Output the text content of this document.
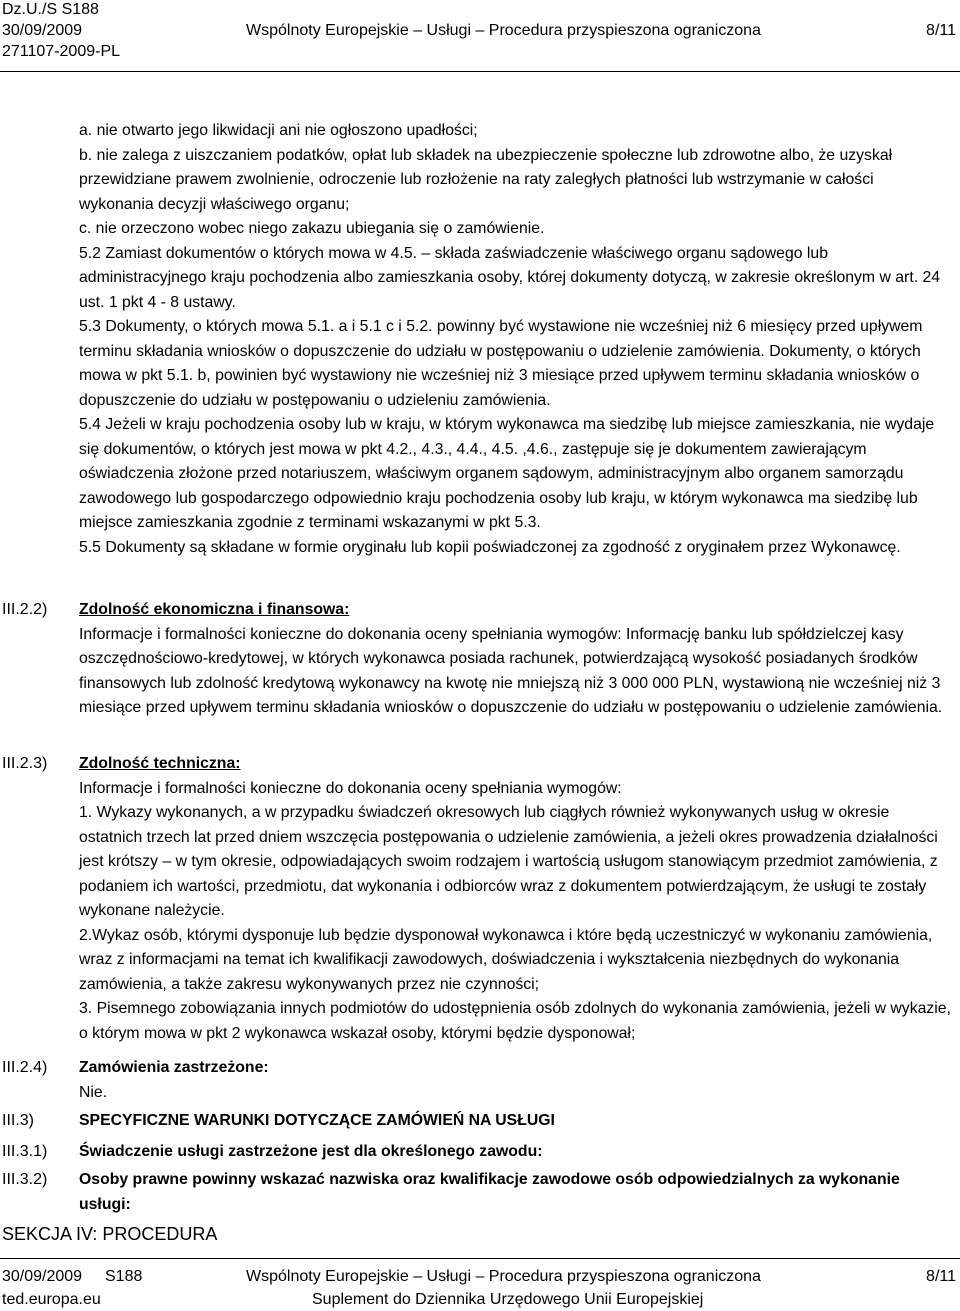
Dz.U./S S188
30/09/2009
271107-2009-PL
Wspólnoty Europejskie – Usługi – Procedura przyspieszona ograniczona	8/11

a. nie otwarto jego likwidacji ani nie ogłoszono upadłości;

b. nie zalega z uiszczaniem podatków, opłat lub składek na ubezpieczenie społeczne lub zdrowotne albo, że uzyskał przewidziane prawem zwolnienie, odroczenie lub rozłożenie na raty zaległych płatności lub wstrzymanie w całości wykonania decyzji właściwego organu;

c. nie orzeczono wobec niego zakazu ubiegania się o zamówienie.

5.2 Zamiast dokumentów o których mowa w 4.5. – składa zaświadczenie właściwego organu sądowego lub administracyjnego kraju pochodzenia albo zamieszkania osoby, której dokumenty dotyczą, w zakresie określonym w art. 24 ust. 1 pkt 4 - 8 ustawy.

5.3 Dokumenty, o których mowa 5.1. a i 5.1 c i 5.2. powinny być wystawione nie wcześniej niż 6 miesięcy przed upływem terminu składania wniosków o dopuszczenie do udziału w postępowaniu o udzielenie zamówienia. Dokumenty, o których mowa w pkt 5.1. b, powinien być wystawiony nie wcześniej niż 3 miesiące przed upływem terminu składania wniosków o dopuszczenie do udziału w postępowaniu o udzieleniu zamówienia.

5.4 Jeżeli w kraju pochodzenia osoby lub w kraju, w którym wykonawca ma siedzibę lub miejsce zamieszkania, nie wydaje się dokumentów, o których jest mowa w pkt 4.2., 4.3., 4.4., 4.5. ,4.6., zastępuje się je dokumentem zawierającym oświadczenia złożone przed notariuszem, właściwym organem sądowym, administracyjnym albo organem samorządu zawodowego lub gospodarczego odpowiednio kraju pochodzenia osoby lub kraju, w którym wykonawca ma siedzibę lub miejsce zamieszkania zgodnie z terminami wskazanymi w pkt 5.3.

5.5 Dokumenty są składane w formie oryginału lub kopii poświadczonej za zgodność z oryginałem przez Wykonawcę.

III.2.2) Zdolność ekonomiczna i finansowa:

Informacje i formalności konieczne do dokonania oceny spełniania wymogów: Informację banku lub spółdzielczej kasy oszczędnościowo-kredytowej, w których wykonawca posiada rachunek, potwierdzającą wysokość posiadanych środków finansowych lub zdolność kredytową wykonawcy na kwotę nie mniejszą niż 3 000 000 PLN, wystawioną nie wcześniej niż 3 miesiące przed upływem terminu składania wniosków o dopuszczenie do udziału w postępowaniu o udzielenie zamówienia.

III.2.3) Zdolność techniczna:

Informacje i formalności konieczne do dokonania oceny spełniania wymogów:

1. Wykazy wykonanych, a w przypadku świadczeń okresowych lub ciągłych również wykonywanych usług w okresie ostatnich trzech lat przed dniem wszczęcia postępowania o udzielenie zamówienia, a jeżeli okres prowadzenia działalności jest krótszy – w tym okresie, odpowiadających swoim rodzajem i wartością usługom stanowiącym przedmiot zamówienia, z podaniem ich wartości, przedmiotu, dat wykonania i odbiorców wraz z dokumentem potwierdzającym, że usługi te zostały wykonane należycie.

2.Wykaz osób, którymi dysponuje lub będzie dysponował wykonawca i które będą uczestniczyć w wykonaniu zamówienia, wraz z informacjami na temat ich kwalifikacji zawodowych, doświadczenia i wykształcenia niezbędnych do wykonania zamówienia, a także zakresu wykonywanych przez nie czynności;

3. Pisemnego zobowiązania innych podmiotów do udostępnienia osób zdolnych do wykonania zamówienia, jeżeli w wykazie, o którym mowa w pkt 2 wykonawca wskazał osoby, którymi będzie dysponował;

III.2.4) Zamówienia zastrzeżone:

Nie.

III.3)	SPECYFICZNE WARUNKI DOTYCZĄCE ZAMÓWIEŃ NA USŁUGI

III.3.1) Świadczenie usługi zastrzeżone jest dla określonego zawodu:

III.3.2) Osoby prawne powinny wskazać nazwiska oraz kwalifikacje zawodowe osób odpowiedzialnych za wykonanie usługi:

SEKCJA IV: PROCEDURA
30/09/2009 S188	Wspólnoty Europejskie – Usługi – Procedura przyspieszona ograniczona	8/11
ted.europa.eu	Suplement do Dziennika Urzędowego Unii Europejskiej
